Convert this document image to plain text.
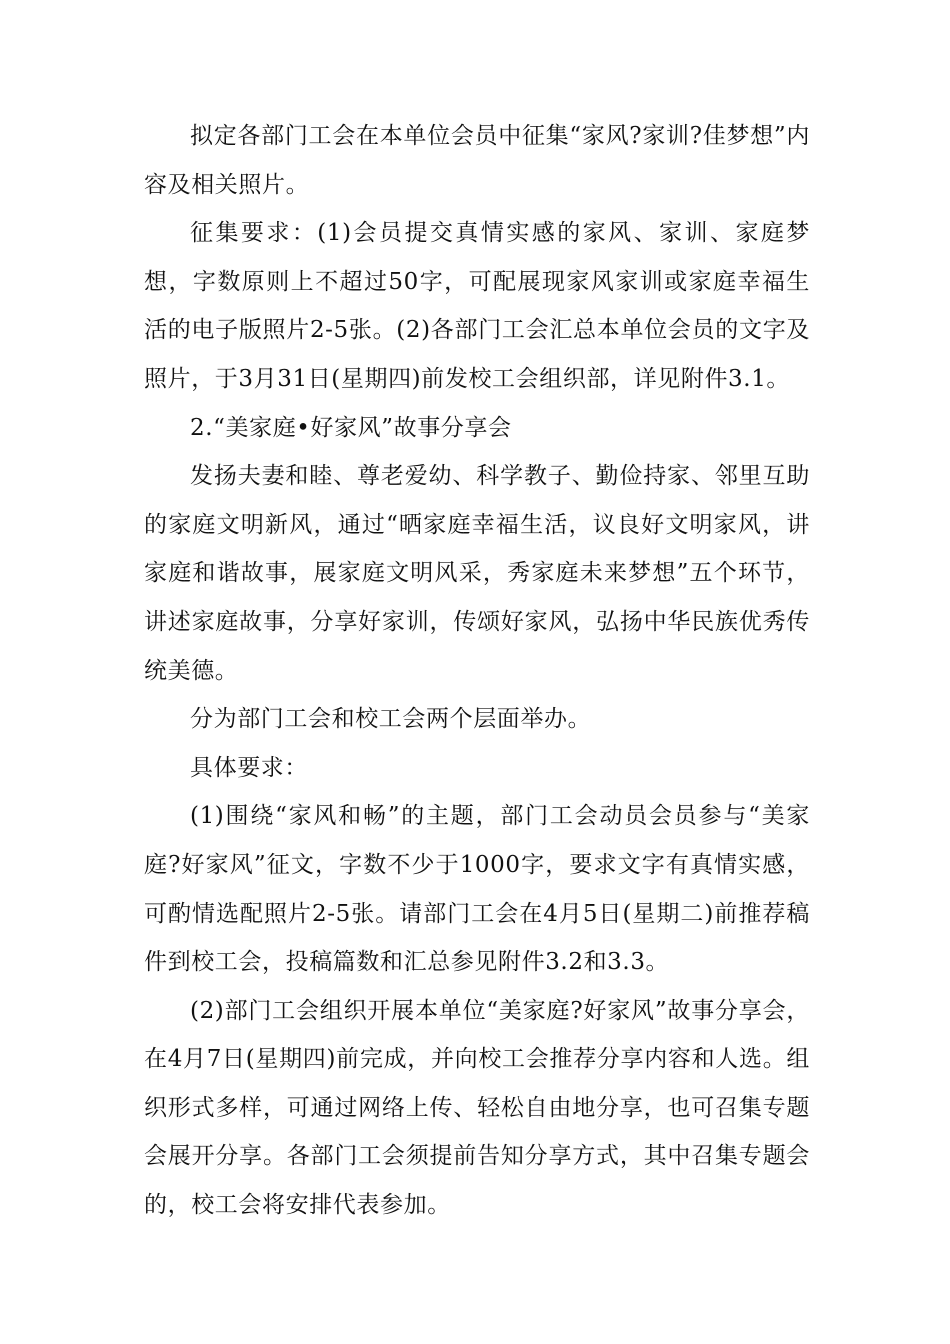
拟定各部门工会在本单位会员中征集“家风?家训?佳梦想”内容及相关照片。

征集要求：(1)会员提交真情实感的家风、家训、家庭梦想，字数原则上不超过50字，可配展现家风家训或家庭幸福生活的电子版照片2-5张。(2)各部门工会汇总本单位会员的文字及照片，于3月31日(星期四)前发校工会组织部，详见附件3.1。

2.“美家庭•好家风”故事分享会

发扬夫妻和睦、尊老爱幼、科学教子、勤俭持家、邻里互助的家庭文明新风，通过“晒家庭幸福生活，议良好文明家风，讲家庭和谐故事，展家庭文明风采，秀家庭未来梦想”五个环节，讲述家庭故事，分享好家训，传颂好家风，弘扬中华民族优秀传统美德。

分为部门工会和校工会两个层面举办。

具体要求：

(1)围绕“家风和畅”的主题，部门工会动员会员参与“美家庭?好家风”征文，字数不少于1000字，要求文字有真情实感，可酌情选配照片2-5张。请部门工会在4月5日(星期二)前推荐稿件到校工会，投稿篇数和汇总参见附件3.2和3.3。

(2)部门工会组织开展本单位“美家庭?好家风”故事分享会，在4月7日(星期四)前完成，并向校工会推荐分享内容和人选。组织形式多样，可通过网络上传、轻松自由地分享，也可召集专题会展开分享。各部门工会须提前告知分享方式，其中召集专题会的，校工会将安排代表参加。
